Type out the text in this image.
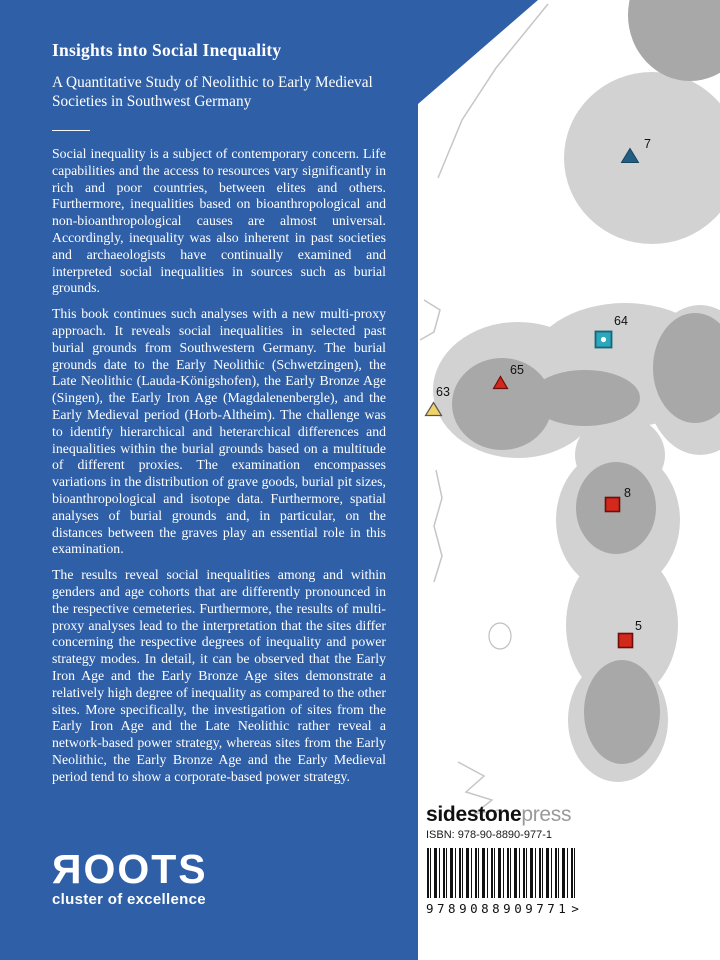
7
64
65
63
8
5
Insights into Social Inequality
A Quantitative Study of Neolithic to Early Medieval Societies in Southwest Germany

Social inequality is a subject of contemporary concern. Life capabilities and the access to resources vary significantly in rich and poor countries, between elites and others. Furthermore, inequalities based on bioanthropological and non-bioanthropological causes are almost universal. Accordingly, inequality was also inherent in past societies and archaeologists have continually examined and interpreted social inequalities in sources such as burial grounds.

This book continues such analyses with a new multi-proxy approach. It reveals social inequalities in selected past burial grounds from Southwestern Germany. The burial grounds date to the Early Neolithic (Schwetzingen), the Late Neolithic (Lauda-Königshofen), the Early Bronze Age (Singen), the Early Iron Age (Magdalenenbergle), and the Early Medieval period (Horb-Altheim). The challenge was to identify hierarchical and heterarchical differences and inequalities within the burial grounds based on a multitude of different proxies. The examination encompasses variations in the distribution of grave goods, burial pit sizes, bioanthropological and isotope data. Furthermore, spatial analyses of burial grounds and, in particular, on the distances between the graves play an essential role in this examination.

The results reveal social inequalities among and within genders and age cohorts that are differently pronounced in the respective cemeteries. Furthermore, the results of multi-proxy analyses lead to the interpretation that the sites differ concerning the respective degrees of inequality and power strategy modes. In detail, it can be observed that the Early Iron Age and the Early Bronze Age sites demonstrate a relatively high degree of inequality as compared to the other sites. More specifically, the investigation of sites from the Early Iron Age and the Late Neolithic rather reveal a network-based power strategy, whereas sites from the Early Neolithic, the Early Bronze Age and the Early Medieval period tend to show a corporate-based power strategy.

ЯOOTS
cluster of excellence
sidestonepress
ISBN: 978-90-8890-977-1
9789088909771 >
